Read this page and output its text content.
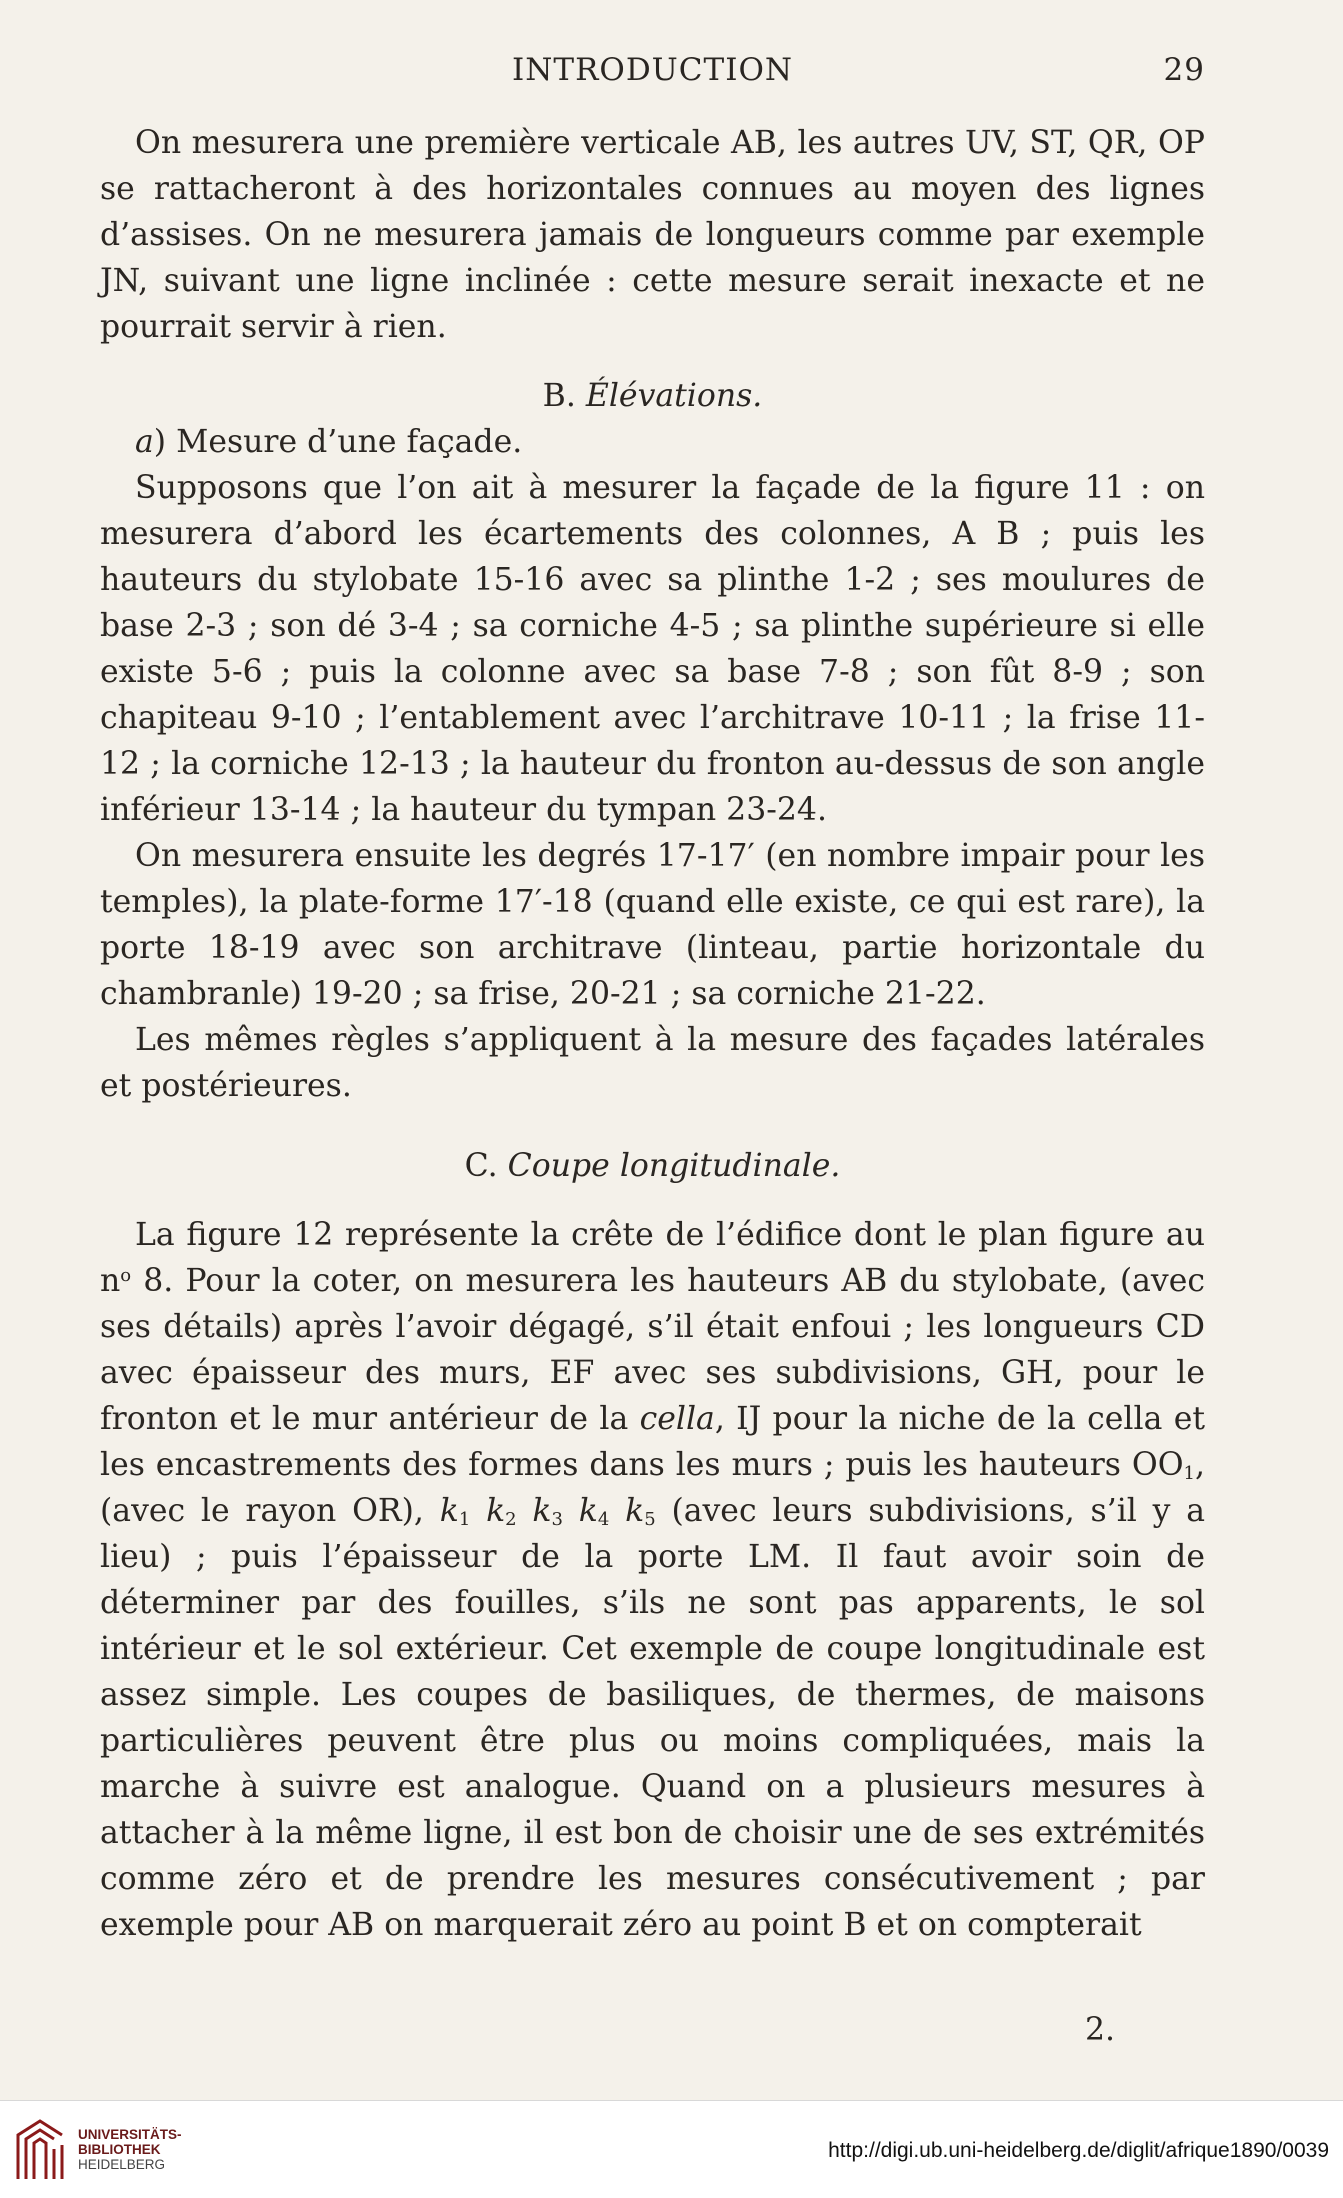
INTRODUCTION	29

On mesurera une première verticale AB, les autres UV, ST, QR, OP se rattacheront à des horizontales connues au moyen des lignes d’assises. On ne mesurera jamais de longueurs comme par exemple JN, suivant une ligne inclinée : cette mesure serait inexacte et ne pourrait servir à rien.

B. Élévations.

a) Mesure d’une façade.

Supposons que l’on ait à mesurer la façade de la figure 11 : on mesurera d’abord les écartements des colonnes, A B ; puis les hauteurs du stylobate 15-16 avec sa plinthe 1-2 ; ses moulures de base 2-3 ; son dé 3-4 ; sa corniche 4-5 ; sa plinthe supérieure si elle existe 5-6 ; puis la colonne avec sa base 7-8 ; son fût 8-9 ; son chapiteau 9-10 ; l’entablement avec l’architrave 10-11 ; la frise 11-12 ; la corniche 12-13 ; la hauteur du fronton au-dessus de son angle inférieur 13-14 ; la hauteur du tympan 23-24.

On mesurera ensuite les degrés 17-17′ (en nombre impair pour les temples), la plate-forme 17′-18 (quand elle existe, ce qui est rare), la porte 18-19 avec son architrave (linteau, partie horizontale du chambranle) 19-20 ; sa frise, 20-21 ; sa corniche 21-22.

Les mêmes règles s’appliquent à la mesure des façades latérales et postérieures.

C. Coupe longitudinale.

La figure 12 représente la crête de l’édifice dont le plan figure au $n^o$ 8. Pour la coter, on mesurera les hauteurs AB du stylobate, (avec ses détails) après l’avoir dégagé, s’il était enfoui ; les longueurs CD avec épaisseur des murs, EF avec ses subdivisions, GH, pour le fronton et le mur antérieur de la cella, IJ pour la niche de la cella et les encastrements des formes dans les murs ; puis les hauteurs $OO_1$, (avec le rayon OR), $k_1$ $k_2$ $k_3$ $k_4$ $k_5$ (avec leurs subdivisions, s’il y a lieu) ; puis l’épaisseur de la porte LM. Il faut avoir soin de déterminer par des fouilles, s’ils ne sont pas apparents, le sol intérieur et le sol extérieur. Cet exemple de coupe longitudinale est assez simple. Les coupes de basiliques, de thermes, de maisons particulières peuvent être plus ou moins compliquées, mais la marche à suivre est analogue. Quand on a plusieurs mesures à attacher à la même ligne, il est bon de choisir une de ses extrémités comme zéro et de prendre les mesures consécutivement ; par exemple pour AB on marquerait zéro au point B et on compterait

2.
UNIVERSITÄTS-
BIBLIOTHEK
HEIDELBERG
http://digi.ub.uni-heidelberg.de/diglit/afrique1890/0039
